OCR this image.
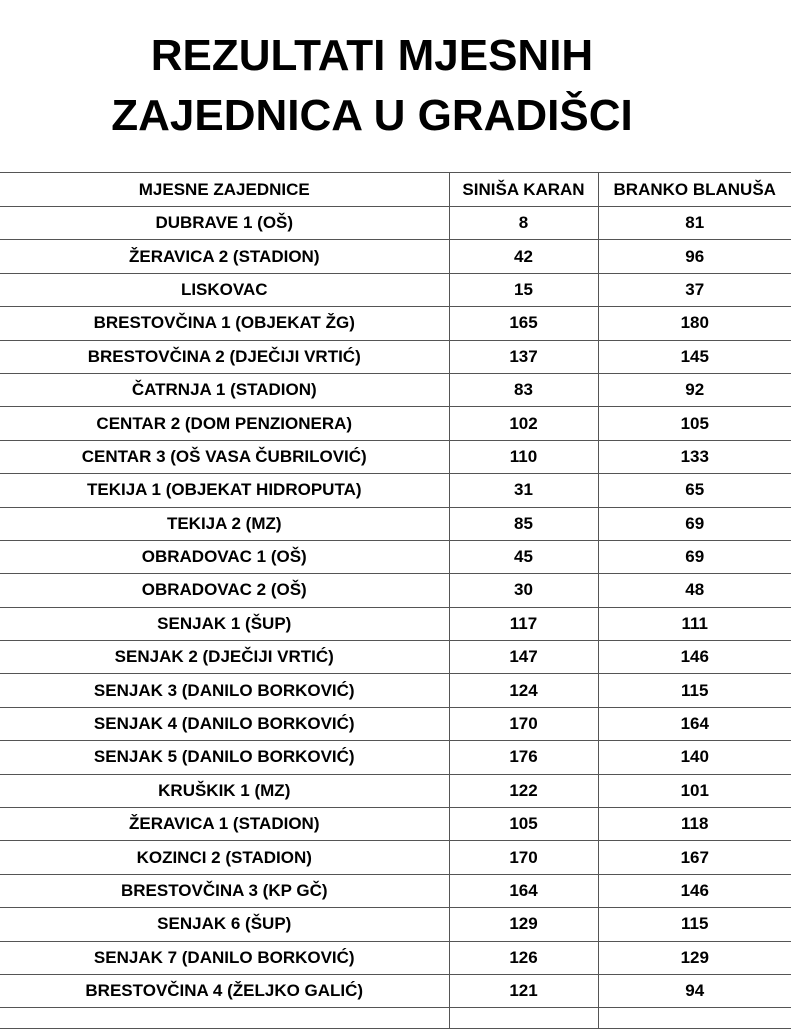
REZULTATI MJESNIH
ZAJEDNICA U GRADIŠCI
MJESNE ZAJEDNICE	SINIŠA KARAN	BRANKO BLANUŠA
DUBRAVE 1 (OŠ)	8	81
ŽERAVICA 2 (STADION)	42	96
LISKOVAC	15	37
BRESTOVČINA 1 (OBJEKAT ŽG)	165	180
BRESTOVČINA 2 (DJEČIJI VRTIĆ)	137	145
ČATRNJA 1 (STADION)	83	92
CENTAR 2 (DOM PENZIONERA)	102	105
CENTAR 3 (OŠ VASA ČUBRILOVIĆ)	110	133
TEKIJA 1 (OBJEKAT HIDROPUTA)	31	65
TEKIJA 2 (MZ)	85	69
OBRADOVAC 1 (OŠ)	45	69
OBRADOVAC 2 (OŠ)	30	48
SENJAK 1 (ŠUP)	117	111
SENJAK 2 (DJEČIJI VRTIĆ)	147	146
SENJAK 3 (DANILO BORKOVIĆ)	124	115
SENJAK 4 (DANILO BORKOVIĆ)	170	164
SENJAK 5 (DANILO BORKOVIĆ)	176	140
KRUŠKIK 1 (MZ)	122	101
ŽERAVICA 1 (STADION)	105	118
KOZINCI 2 (STADION)	170	167
BRESTOVČINA 3 (KP GČ)	164	146
SENJAK 6 (ŠUP)	129	115
SENJAK 7 (DANILO BORKOVIĆ)	126	129
BRESTOVČINA 4 (ŽELJKO GALIĆ)	121	94
